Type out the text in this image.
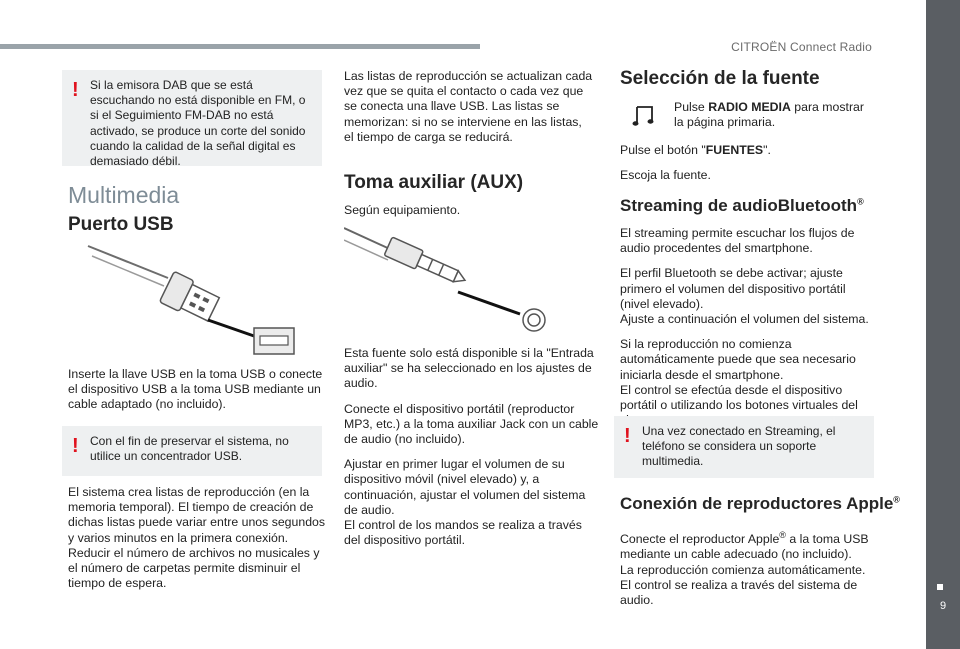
CITROËN Connect Radio
9
! Si la emisora DAB que se está escuchando no está disponible en FM, o si el Seguimiento FM-DAB no está activado, se produce un corte del sonido cuando la calidad de la señal digital es demasiado débil.
Multimedia
Puerto USB

Inserte la llave USB en la toma USB o conecte el dispositivo USB a la toma USB mediante un cable adaptado (no incluido).

! Con el fin de preservar el sistema, no utilice un concentrador USB.

El sistema crea listas de reproducción (en la memoria temporal). El tiempo de creación de dichas listas puede variar entre unos segundos y varios minutos en la primera conexión. Reducir el número de archivos no musicales y el número de carpetas permite disminuir el tiempo de espera.

Las listas de reproducción se actualizan cada vez que se quita el contacto o cada vez que se conecta una llave USB. Las listas se memorizan: si no se interviene en las listas, el tiempo de carga se reducirá.

Toma auxiliar (AUX)

Según equipamiento.

Esta fuente solo está disponible si la "Entrada auxiliar" se ha seleccionado en los ajustes de audio.

Conecte el dispositivo portátil (reproductor MP3, etc.) a la toma auxiliar Jack con un cable de audio (no incluido).

Ajustar en primer lugar el volumen de su dispositivo móvil (nivel elevado) y, a continuación, ajustar el volumen del sistema de audio.

El control de los mandos se realiza a través del dispositivo portátil.

Selección de la fuente
Pulse RADIO MEDIA para mostrar la página primaria.

Pulse el botón "FUENTES".

Escoja la fuente.

Streaming de audioBluetooth®

El streaming permite escuchar los flujos de audio procedentes del smartphone.

El perfil Bluetooth se debe activar; ajuste primero el volumen del dispositivo portátil (nivel elevado).

Ajuste a continuación el volumen del sistema.

Si la reproducción no comienza automáticamente puede que sea necesario iniciarla desde el smartphone.

El control se efectúa desde el dispositivo portátil o utilizando los botones virtuales del

! Una vez conectado en Streaming, el teléfono se considera un soporte multimedia.
Conexión de reproductores Apple®

Conecte el reproductor Apple® a la toma USB mediante un cable adecuado (no incluido).

La reproducción comienza automáticamente.

El control se realiza a través del sistema de audio.
